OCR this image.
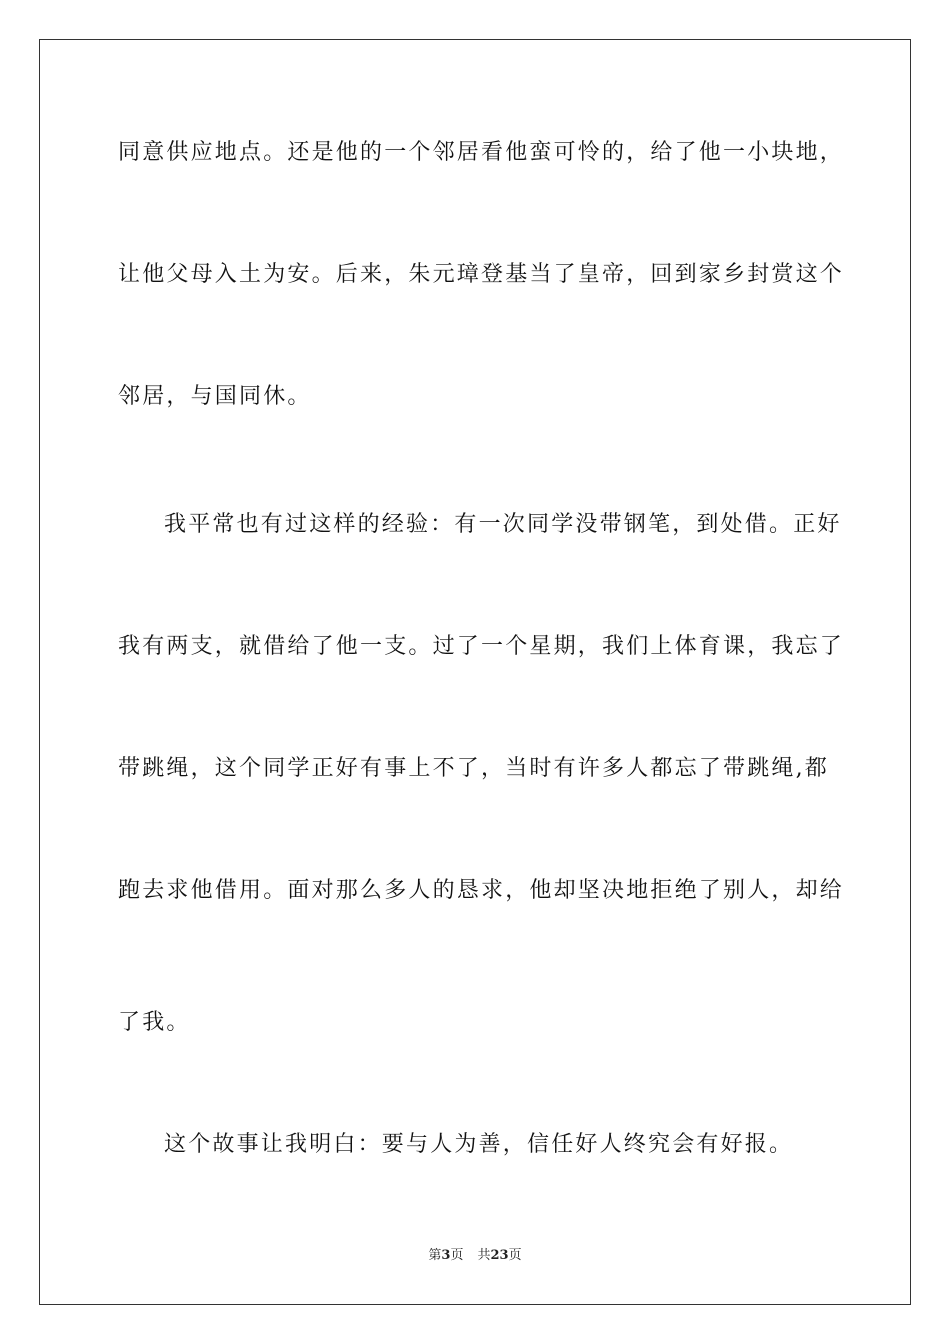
同意供应地点。还是他的一个邻居看他蛮可怜的，给了他一小块地，
让他父母入土为安。后来，朱元璋登基当了皇帝，回到家乡封赏这个
邻居，与国同休。
我平常也有过这样的经验：有一次同学没带钢笔，到处借。正好
我有两支，就借给了他一支。过了一个星期，我们上体育课，我忘了
带跳绳，这个同学正好有事上不了，当时有许多人都忘了带跳绳,都
跑去求他借用。面对那么多人的恳求，他却坚决地拒绝了别人，却给
了我。
这个故事让我明白：要与人为善，信任好人终究会有好报。
第3页 共23页
